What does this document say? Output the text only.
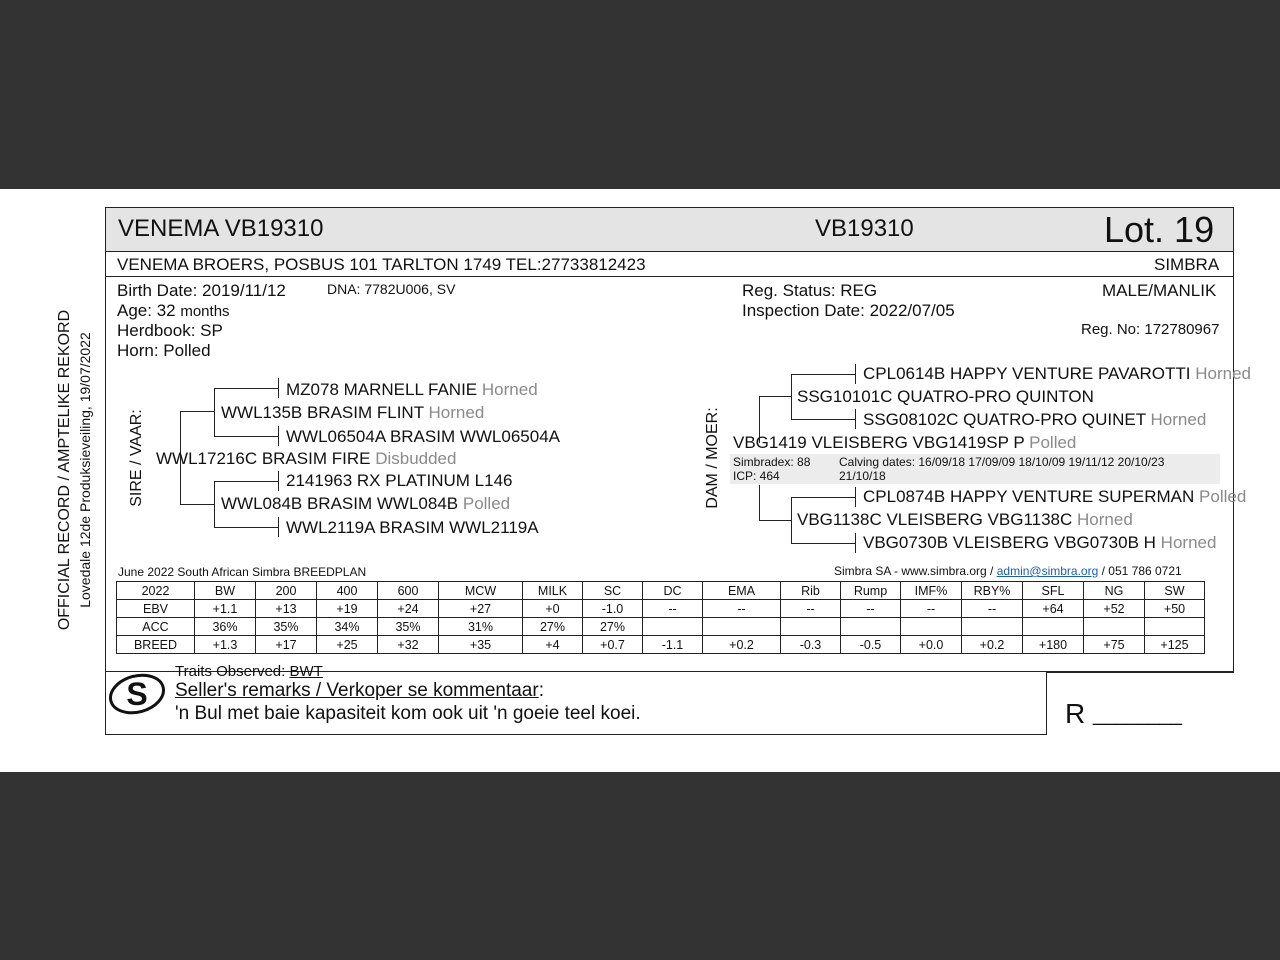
OFFICIAL RECORD / AMPTELIKE REKORD Lovedale 12de Produksieveiling, 19/07/2022
VENEMA VB19310	VB19310	Lot. 19
VENEMA BROERS, POSBUS 101 TARLTON 1749 TEL:27733812423	SIMBRA
Birth Date: 2019/11/12	DNA: 7782U006, SV
Age: 32 months
Herdbook: SP
Horn: Polled
Reg. Status: REG
Inspection Date: 2022/07/05
MALE/MANLIK
Reg. No: 172780967
SIRE / VAAR:
MZ078 MARNELL FANIE Horned
WWL135B BRASIM FLINT Horned
WWL06504A BRASIM WWL06504A
WWL17216C BRASIM FIRE Disbudded
2141963 RX PLATINUM L146
WWL084B BRASIM WWL084B Polled
WWL2119A BRASIM WWL2119A
DAM / MOER:
CPL0614B HAPPY VENTURE PAVAROTTI Horned
SSG10101C QUATRO-PRO QUINTON
SSG08102C QUATRO-PRO QUINET Horned
VBG1419 VLEISBERG VBG1419SP P Polled
Simbradex: 88
ICP: 464
Calving dates: 16/09/18 17/09/09 18/10/09 19/11/12 20/10/23
21/10/18
CPL0874B HAPPY VENTURE SUPERMAN Polled
VBG1138C VLEISBERG VBG1138C Horned
VBG0730B VLEISBERG VBG0730B H Horned
June 2022 South African Simbra BREEDPLAN	Simbra SA - www.simbra.org / admin@simbra.org / 051 786 0721
2022	BW	200	400	600	MCW	MILK	SC	DC	EMA	Rib	Rump	IMF%	RBY%	SFL	NG	SW
EBV	+1.1	+13	+19	+24	+27	+0	-1.0	--	--	--	--	--	--	+64	+52	+50
ACC	36%	35%	34%	35%	31%	27%	27%									
BREED	+1.3	+17	+25	+32	+35	+4	+0.7	-1.1	+0.2	-0.3	-0.5	+0.0	+0.2	+180	+75	+125
S
Traits Observed: BWT
Seller's remarks / Verkoper se kommentaar:
'n Bul met baie kapasiteit kom ook uit 'n goeie teel koei.	R ________
